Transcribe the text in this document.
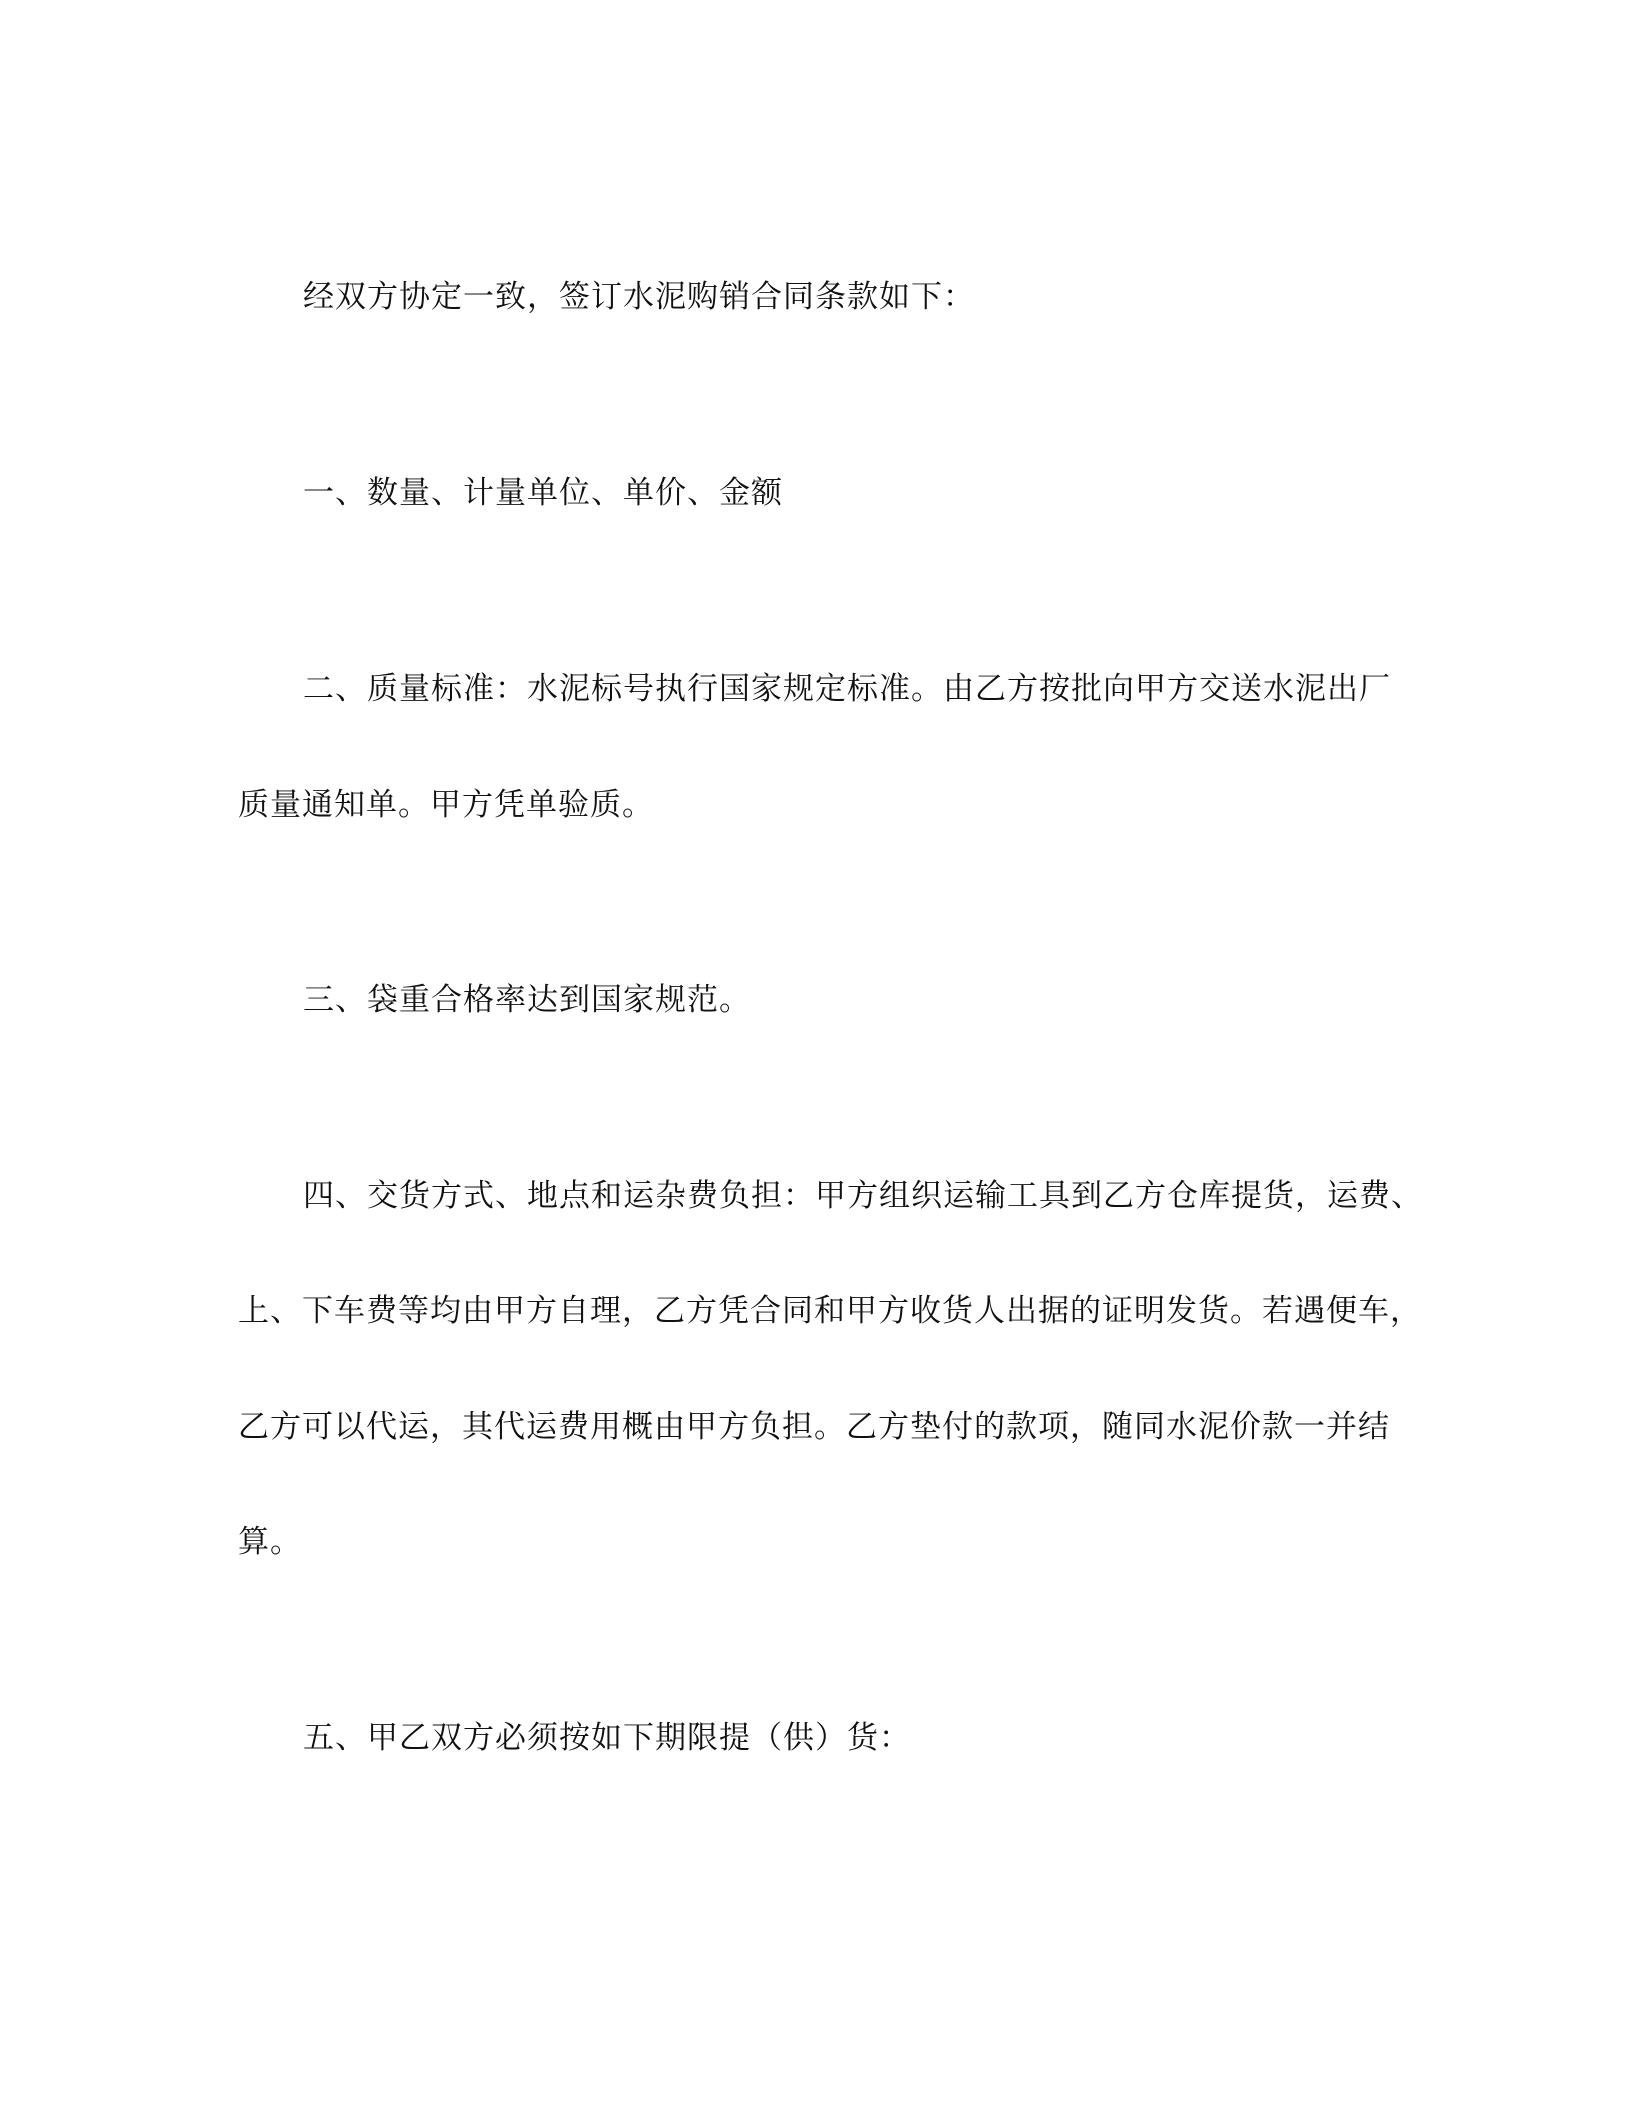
经双方协定一致，签订水泥购销合同条款如下：
一、数量、计量单位、单价、金额
二、质量标准：水泥标号执行国家规定标准。由乙方按批向甲方交送水泥出厂
质量通知单。甲方凭单验质。
三、袋重合格率达到国家规范。
四、交货方式、地点和运杂费负担：甲方组织运输工具到乙方仓库提货，运费、
上、下车费等均由甲方自理，乙方凭合同和甲方收货人出据的证明发货。若遇便车，
乙方可以代运，其代运费用概由甲方负担。乙方垫付的款项，随同水泥价款一并结
算。
五、甲乙双方必须按如下期限提（供）货：
